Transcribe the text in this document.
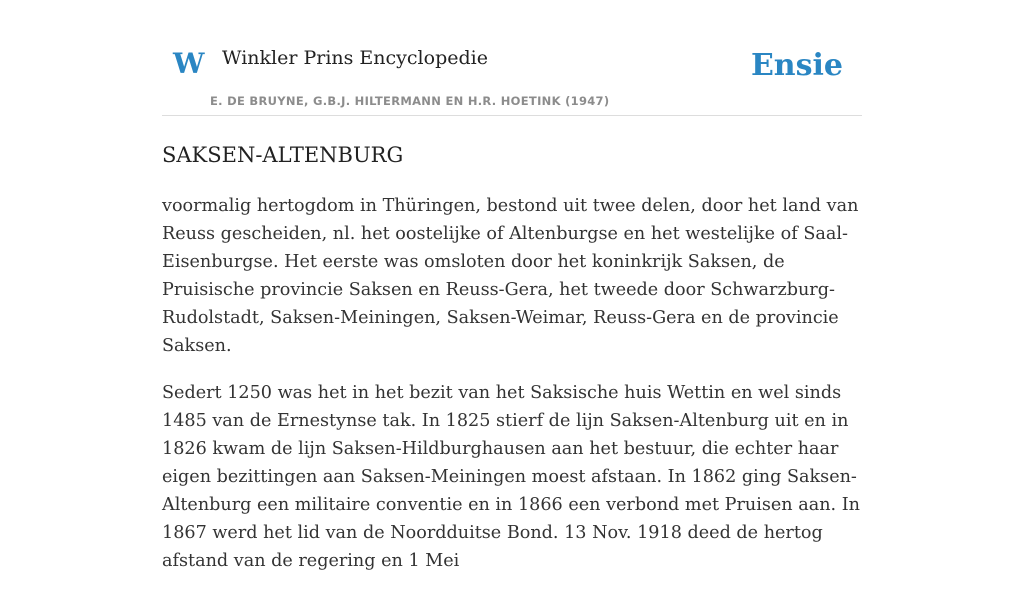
W Winkler Prins Encyclopedie
E. DE BRUYNE, G.B.J. HILTERMANN EN H.R. HOETINK (1947)
Ensie
SAKSEN-ALTENBURG

voormalig hertogdom in Thüringen, bestond uit twee delen, door het land van Reuss gescheiden, nl. het oostelijke of Altenburgse en het westelijke of Saal-Eisenburgse. Het eerste was omsloten door het koninkrijk Saksen, de Pruisische provincie Saksen en Reuss-Gera, het tweede door Schwarzburg-Rudolstadt, Saksen-Meiningen, Saksen-Weimar, Reuss-Gera en de provincie Saksen.

Sedert 1250 was het in het bezit van het Saksische huis Wettin en wel sinds 1485 van de Ernestynse tak. In 1825 stierf de lijn Saksen-Altenburg uit en in 1826 kwam de lijn Saksen-Hildburghausen aan het bestuur, die echter haar eigen bezittingen aan Saksen-Meiningen moest afstaan. In 1862 ging Saksen-Altenburg een militaire conventie en in 1866 een verbond met Pruisen aan. In 1867 werd het lid van de Noordduitse Bond. 13 Nov. 1918 deed de hertog afstand van de regering en 1 Mei
